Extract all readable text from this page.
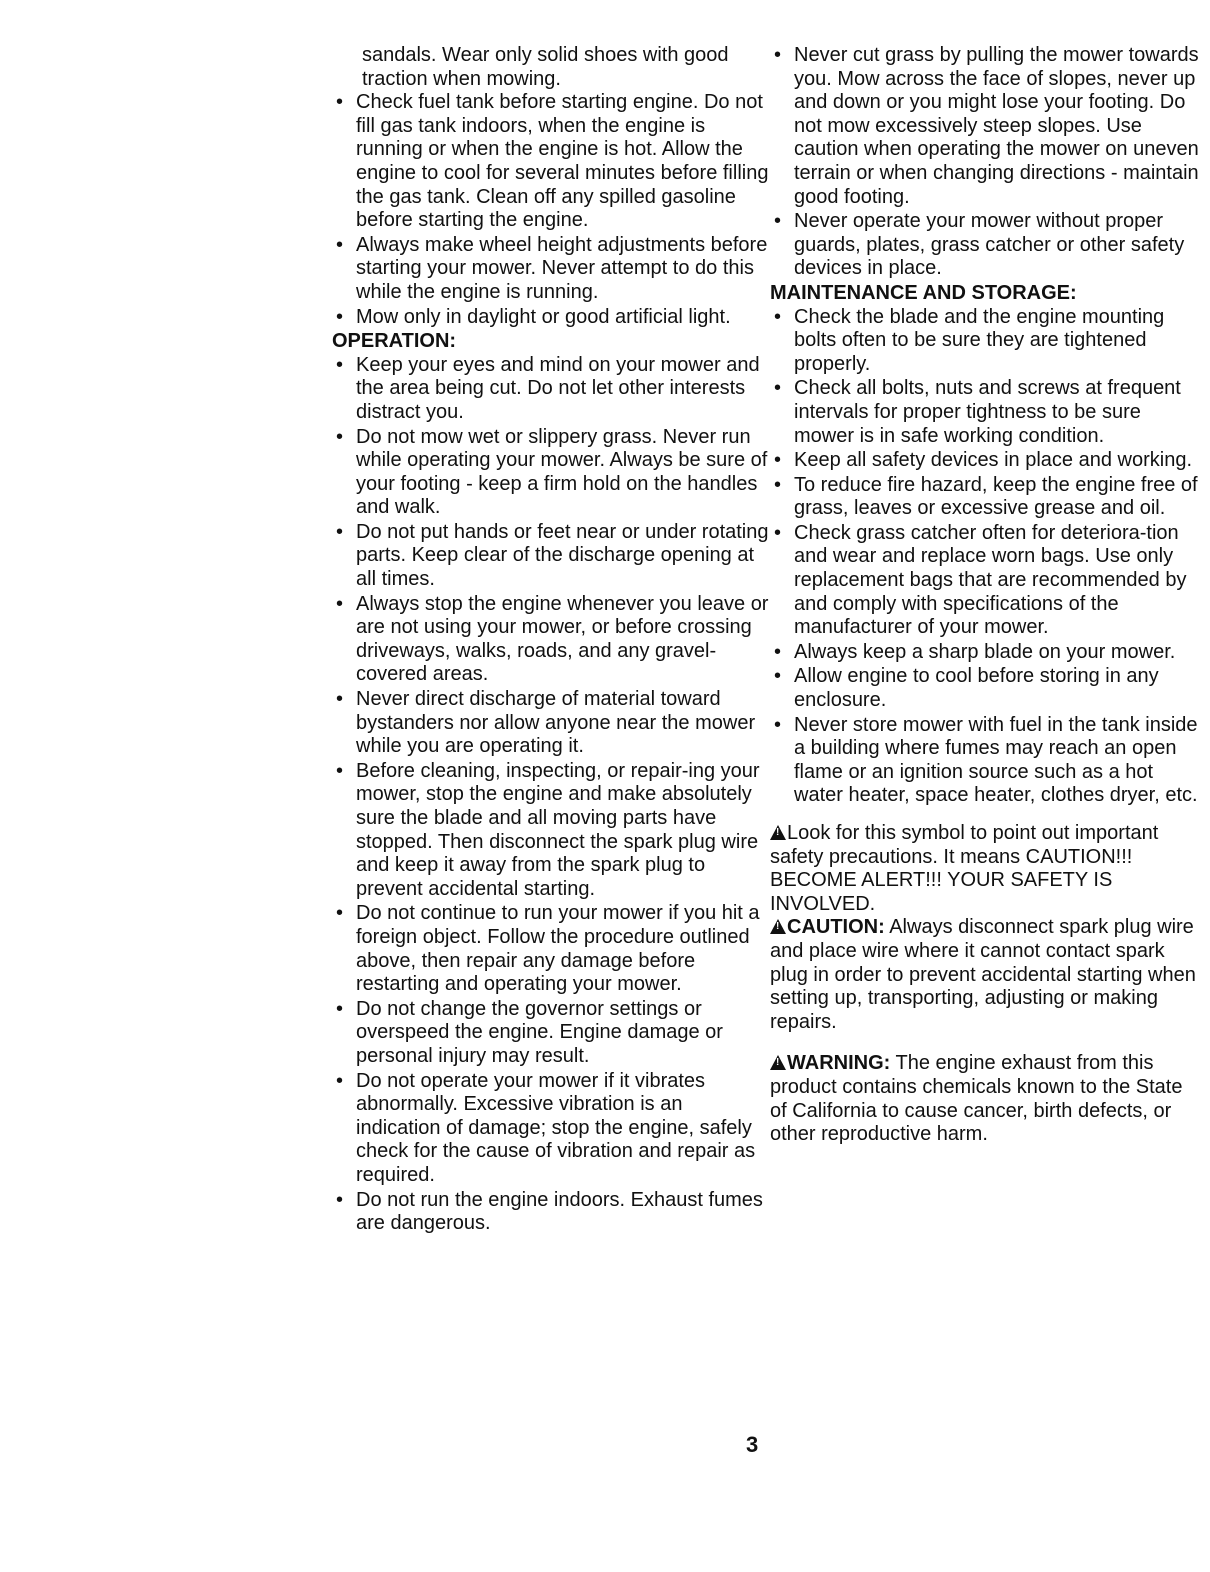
sandals. Wear only solid shoes with good traction when mowing.

• Check fuel tank before starting engine. Do not fill gas tank indoors, when the engine is running or when the engine is hot. Allow the engine to cool for several minutes before filling the gas tank. Clean off any spilled gasoline before starting the engine.
• Always make wheel height adjustments before starting your mower. Never attempt to do this while the engine is running.
• Mow only in daylight or good artificial light.

OPERATION:

• Keep your eyes and mind on your mower and the area being cut. Do not let other interests distract you.
• Do not mow wet or slippery grass. Never run while operating your mower. Always be sure of your footing - keep a firm hold on the handles and walk.
• Do not put hands or feet near or under rotating parts. Keep clear of the discharge opening at all times.
• Always stop the engine whenever you leave or are not using your mower, or before crossing driveways, walks, roads, and any gravel-covered areas.
• Never direct discharge of material toward bystanders nor allow anyone near the mower while you are operating it.
• Before cleaning, inspecting, or repair-ing your mower, stop the engine and make absolutely sure the blade and all moving parts have stopped. Then disconnect the spark plug wire and keep it away from the spark plug to prevent accidental starting.
• Do not continue to run your mower if you hit a foreign object. Follow the procedure outlined above, then repair any damage before restarting and operating your mower.
• Do not change the governor settings or overspeed the engine. Engine damage or personal injury may result.
• Do not operate your mower if it vibrates abnormally. Excessive vibration is an indication of damage; stop the engine, safely check for the cause of vibration and repair as required.
• Do not run the engine indoors. Exhaust fumes are dangerous.
• Never cut grass by pulling the mower towards you. Mow across the face of slopes, never up and down or you might lose your footing. Do not mow excessively steep slopes. Use caution when operating the mower on uneven terrain or when changing directions - maintain good footing.
• Never operate your mower without proper guards, plates, grass catcher or other safety devices in place.

MAINTENANCE AND STORAGE:

• Check the blade and the engine mounting bolts often to be sure they are tightened properly.
• Check all bolts, nuts and screws at frequent intervals for proper tightness to be sure mower is in safe working condition.
• Keep all safety devices in place and working.
• To reduce fire hazard, keep the engine free of grass, leaves or excessive grease and oil.
• Check grass catcher often for deteriora-tion and wear and replace worn bags. Use only replacement bags that are recommended by and comply with specifications of the manufacturer of your mower.
• Always keep a sharp blade on your mower.
• Allow engine to cool before storing in any enclosure.
• Never store mower with fuel in the tank inside a building where fumes may reach an open flame or an ignition source such as a hot water heater, space heater, clothes dryer, etc.

!Look for this symbol to point out important safety precautions. It means CAUTION!!! BECOME ALERT!!! YOUR SAFETY IS INVOLVED.

!CAUTION: Always disconnect spark plug wire and place wire where it cannot contact spark plug in order to prevent accidental starting when setting up, transporting, adjusting or making repairs.

!WARNING: The engine exhaust from this product contains chemicals known to the State of California to cause cancer, birth defects, or other reproductive harm.

3
